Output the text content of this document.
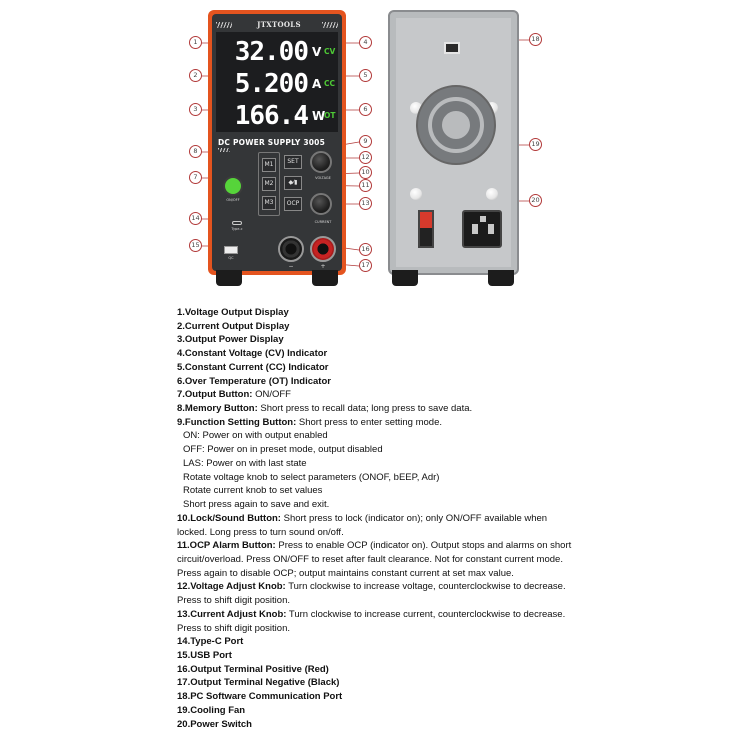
JTXTOOLS
32.00 V CV
5.200 A CC
166.4 W
OT
DC POWER SUPPLY 3005
ON/OFF
M1
M2
M3
SET
◆⁄▮
VOLTAGE
OCP
CURRENT
Type-c
QC
−	+
1
2
3
4
5
6
7
8
9
10
11
12
13
14
15	16
17
18
19
20
1.Voltage Output Display
2.Current Output Display
3.Output Power Display
4.Constant Voltage (CV) Indicator
5.Constant Current (CC) Indicator
6.Over Temperature (OT) Indicator
7.Output Button: ON/OFF
8.Memory Button: Short press to recall data; long press to save data.
9.Function Setting Button: Short press to enter setting mode.
ON: Power on with output enabled
OFF: Power on in preset mode, output disabled
LAS: Power on with last state
Rotate voltage knob to select parameters (ONOF, bEEP, Adr)
Rotate current knob to set values
Short press again to save and exit.
10.Lock/Sound Button: Short press to lock (indicator on); only ON/OFF available when locked. Long press to turn sound on/off.
11.OCP Alarm Button: Press to enable OCP (indicator on). Output stops and alarms on short circuit/overload. Press ON/OFF to reset after fault clearance. Not for constant current mode. Press again to disable OCP; output maintains constant current at set max value.
12.Voltage Adjust Knob: Turn clockwise to increase voltage, counterclockwise to decrease. Press to shift digit position.
13.Current Adjust Knob: Turn clockwise to increase current, counterclockwise to decrease. Press to shift digit position.
14.Type-C Port
15.USB Port
16.Output Terminal Positive (Red)
17.Output Terminal Negative (Black)
18.PC Software Communication Port
19.Cooling Fan
20.Power Switch
